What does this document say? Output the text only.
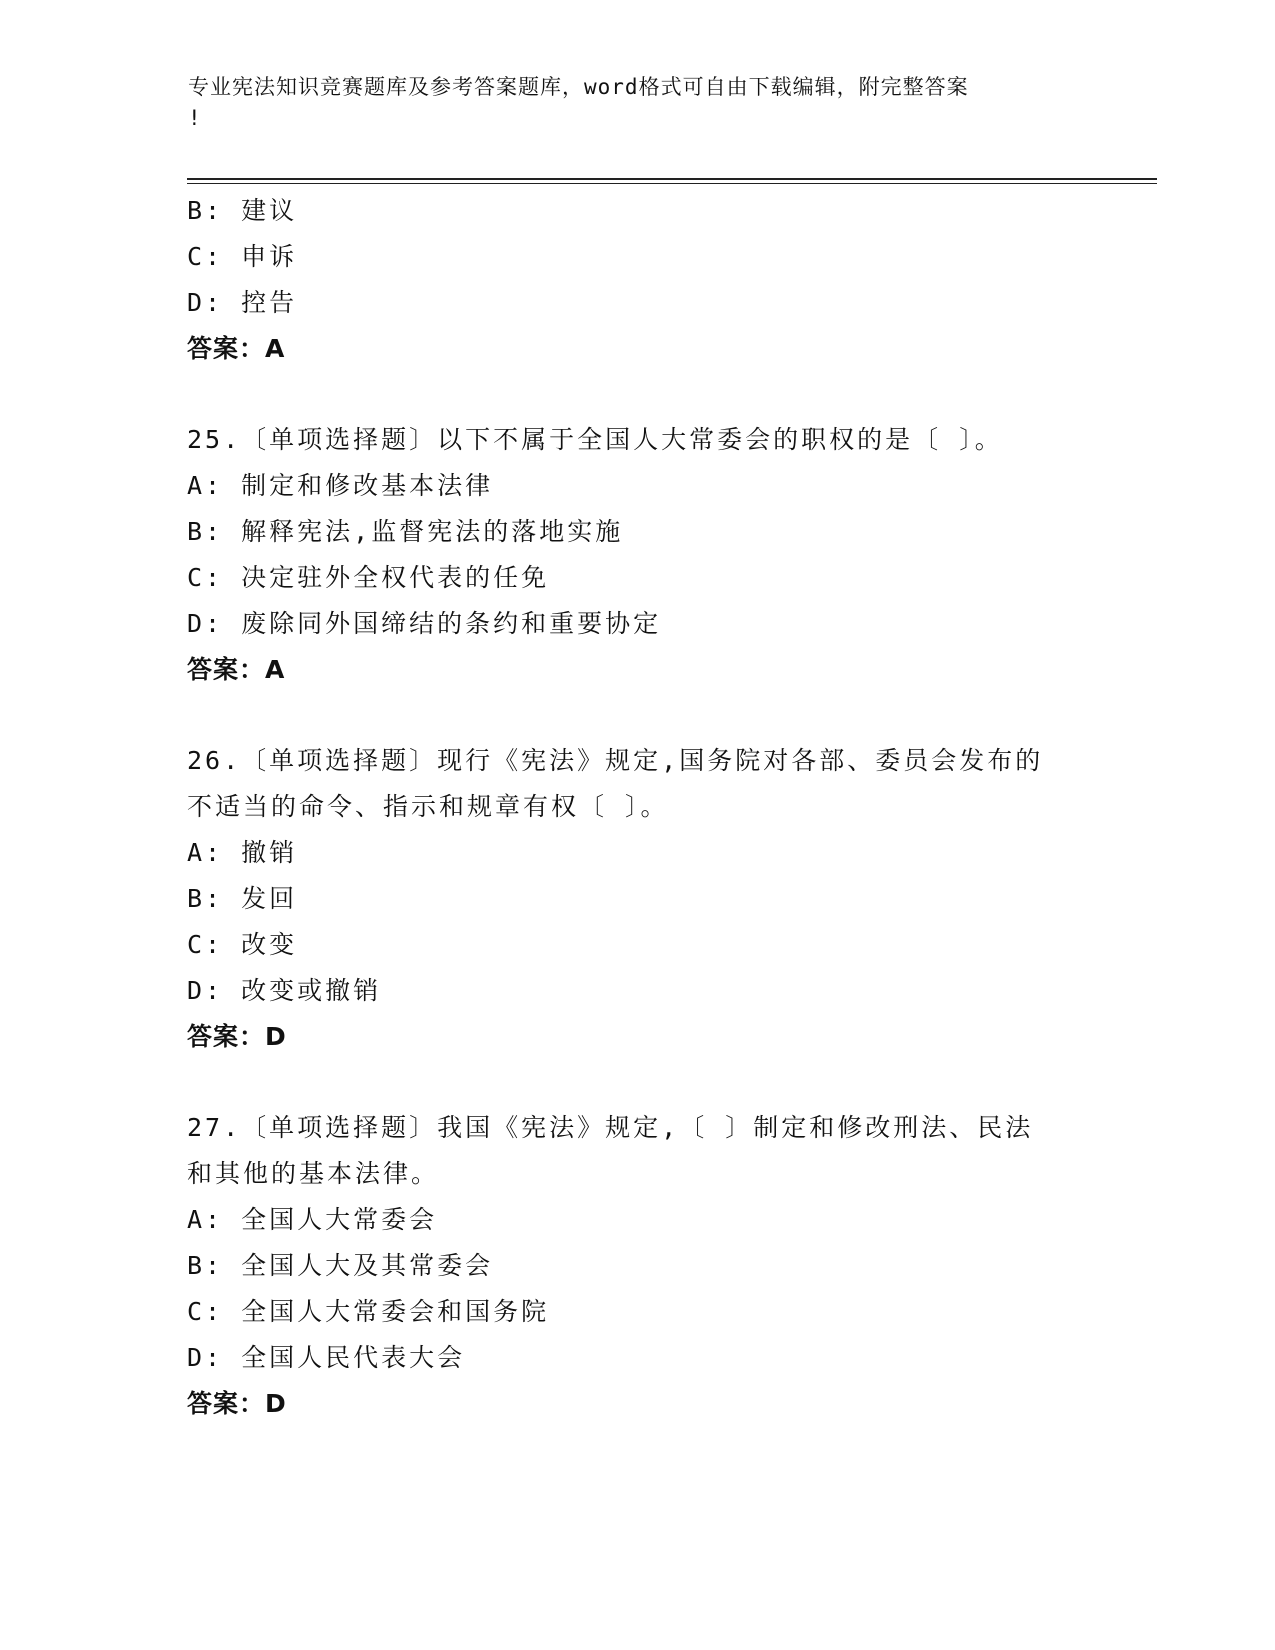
专业宪法知识竞赛题库及参考答案题库，word格式可自由下载编辑，附完整答案
!
B: 建议
C: 申诉
D: 控告
答案：A
25.〔单项选择题〕以下不属于全国人大常委会的职权的是〔 〕。
A: 制定和修改基本法律
B: 解释宪法,监督宪法的落地实施
C: 决定驻外全权代表的任免
D: 废除同外国缔结的条约和重要协定
答案：A
26.〔单项选择题〕现行《宪法》规定,国务院对各部、委员会发布的
不适当的命令、指示和规章有权〔 〕。
A: 撤销
B: 发回
C: 改变
D: 改变或撤销
答案：D
27.〔单项选择题〕我国《宪法》规定,〔 〕制定和修改刑法、民法
和其他的基本法律。
A: 全国人大常委会
B: 全国人大及其常委会
C: 全国人大常委会和国务院
D: 全国人民代表大会
答案：D
